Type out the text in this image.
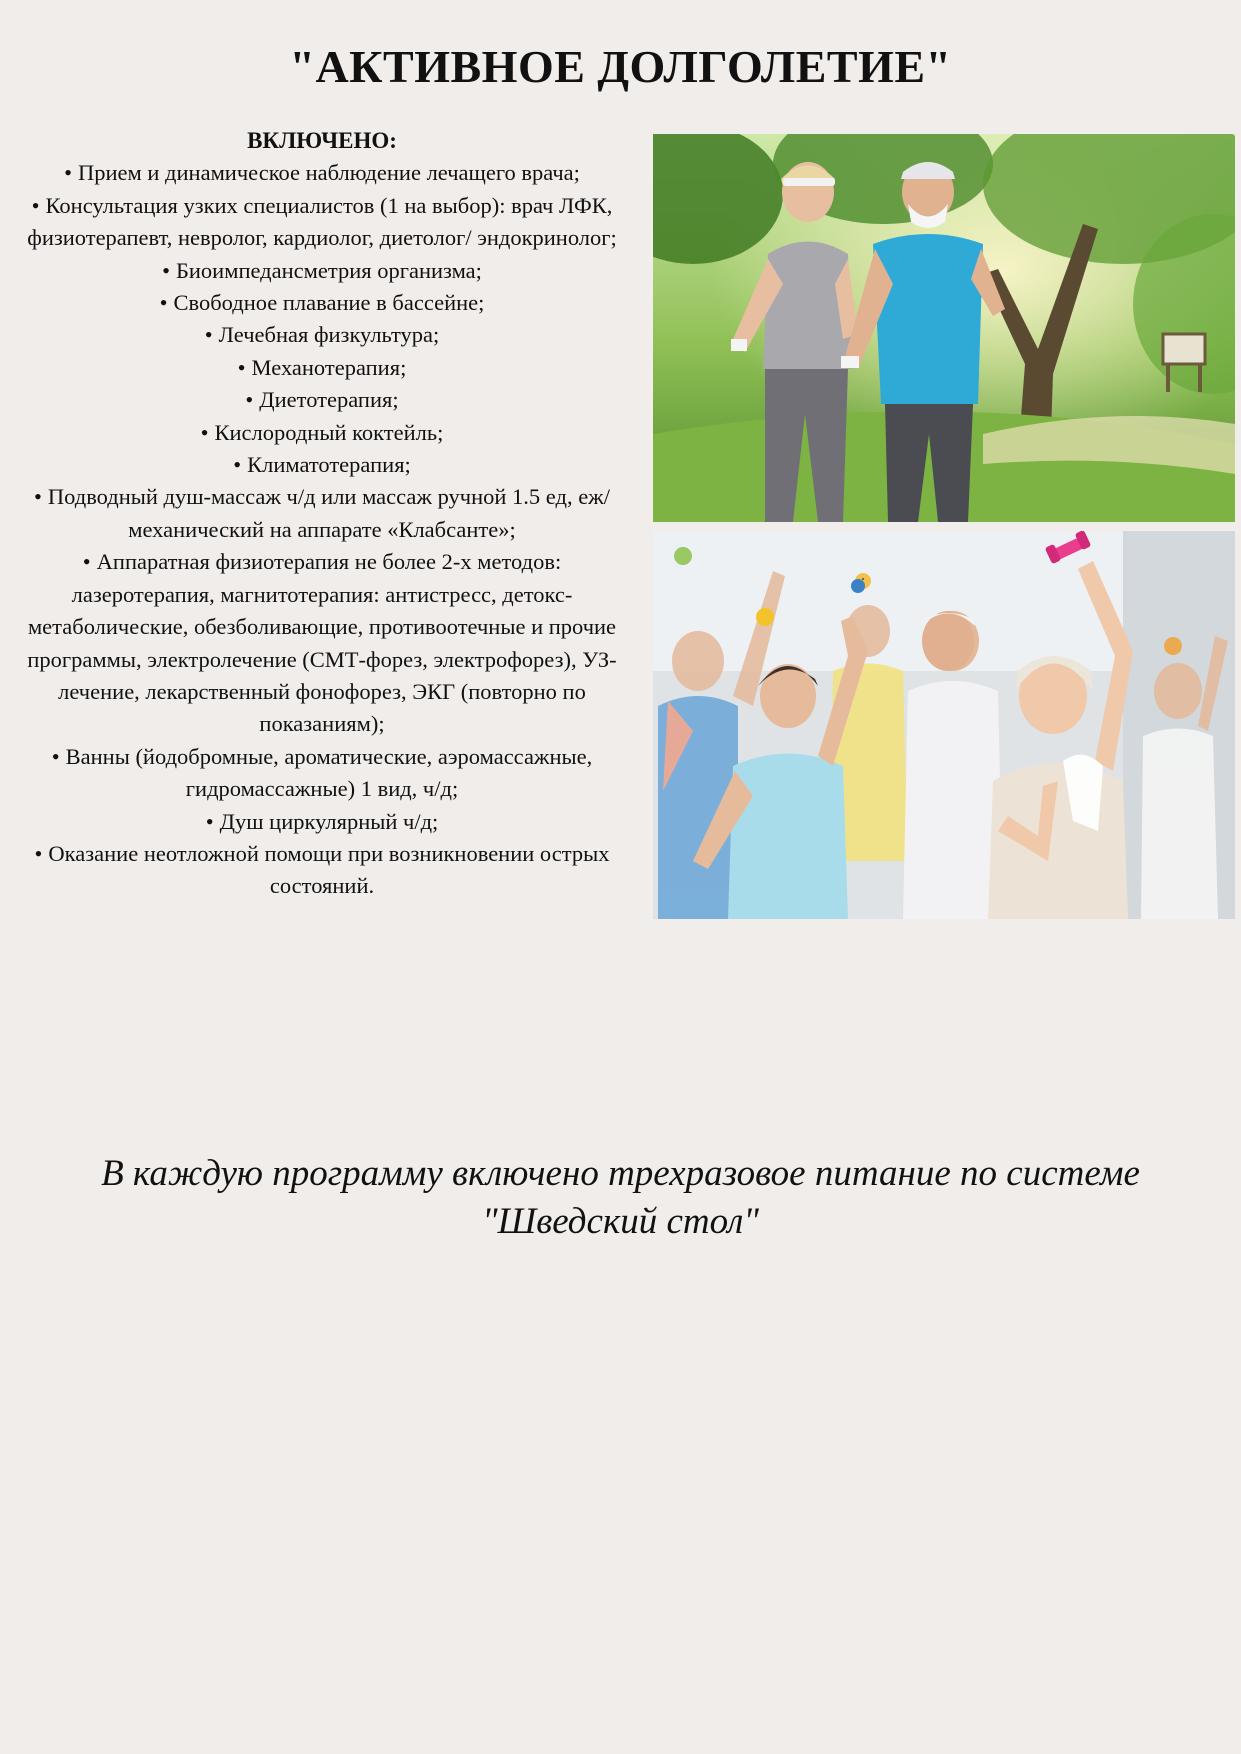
"АКТИВНОЕ ДОЛГОЛЕТИЕ"

ВКЛЮЧЕНО:

• Прием и динамическое наблюдение лечащего врача;
• Консультация узких специалистов (1 на выбор): врач ЛФК, физиотерапевт, невролог, кардиолог, диетолог/ эндокринолог;
• Биоимпедансметрия организма;
• Свободное плавание в бассейне;
• Лечебная физкультура;
• Механотерапия;
• Диетотерапия;
• Кислородный коктейль;
• Климатотерапия;
• Подводный душ-массаж ч/д или массаж ручной 1.5 ед, еж/ механический на аппарате «Клабсанте»;
• Аппаратная физиотерапия не более 2-х методов: лазеротерапия, магнитотерапия: антистресс, детокс-метаболические, обезболивающие, противоотечные и прочие программы, электролечение (СМТ-форез, электрофорез), УЗ-лечение, лекарственный фонофорез, ЭКГ (повторно по показаниям);
• Ванны (йодобромные, ароматические, аэромассажные, гидромассажные) 1 вид, ч/д;
• Душ циркулярный ч/д;
• Оказание неотложной помощи при возникновении острых состояний.

В каждую программу включено трехразовое питание по системе
"Шведский стол"
